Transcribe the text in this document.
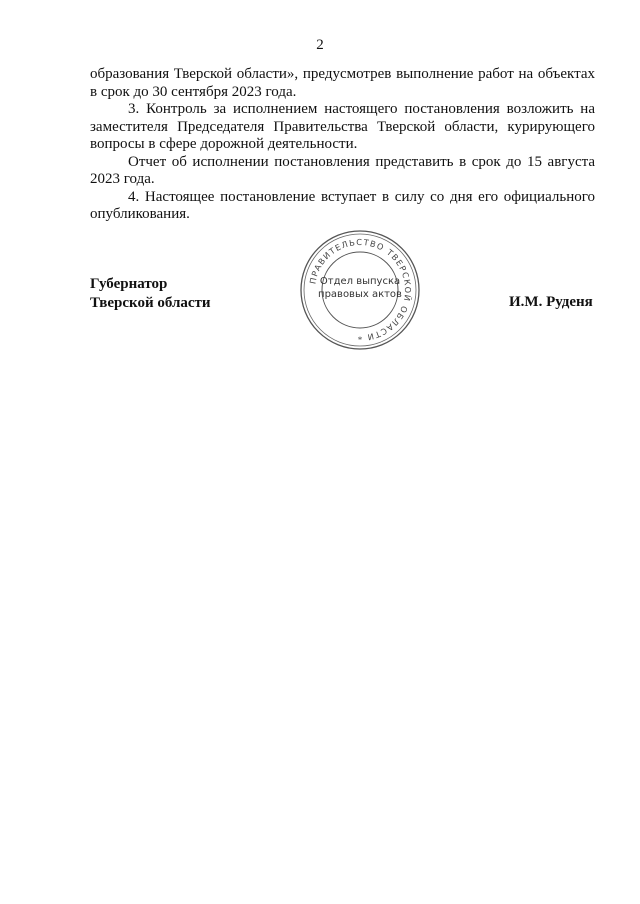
2

образования Тверской области», предусмотрев выполнение работ на объектах в срок до 30 сентября 2023 года.

3. Контроль за исполнением настоящего постановления возложить на заместителя Председателя Правительства Тверской области, курирующего вопросы в сфере дорожной деятельности.

Отчет об исполнении постановления представить в срок до 15 августа 2023 года.

4. Настоящее постановление вступает в силу со дня его официального опубликования.

Губернатор
Тверской области	И.М. Руденя
ПРАВИТЕЛЬСТВО ТВЕРСКОЙ ОБЛАСТИ
*
Отдел выпуска
правовых актов
